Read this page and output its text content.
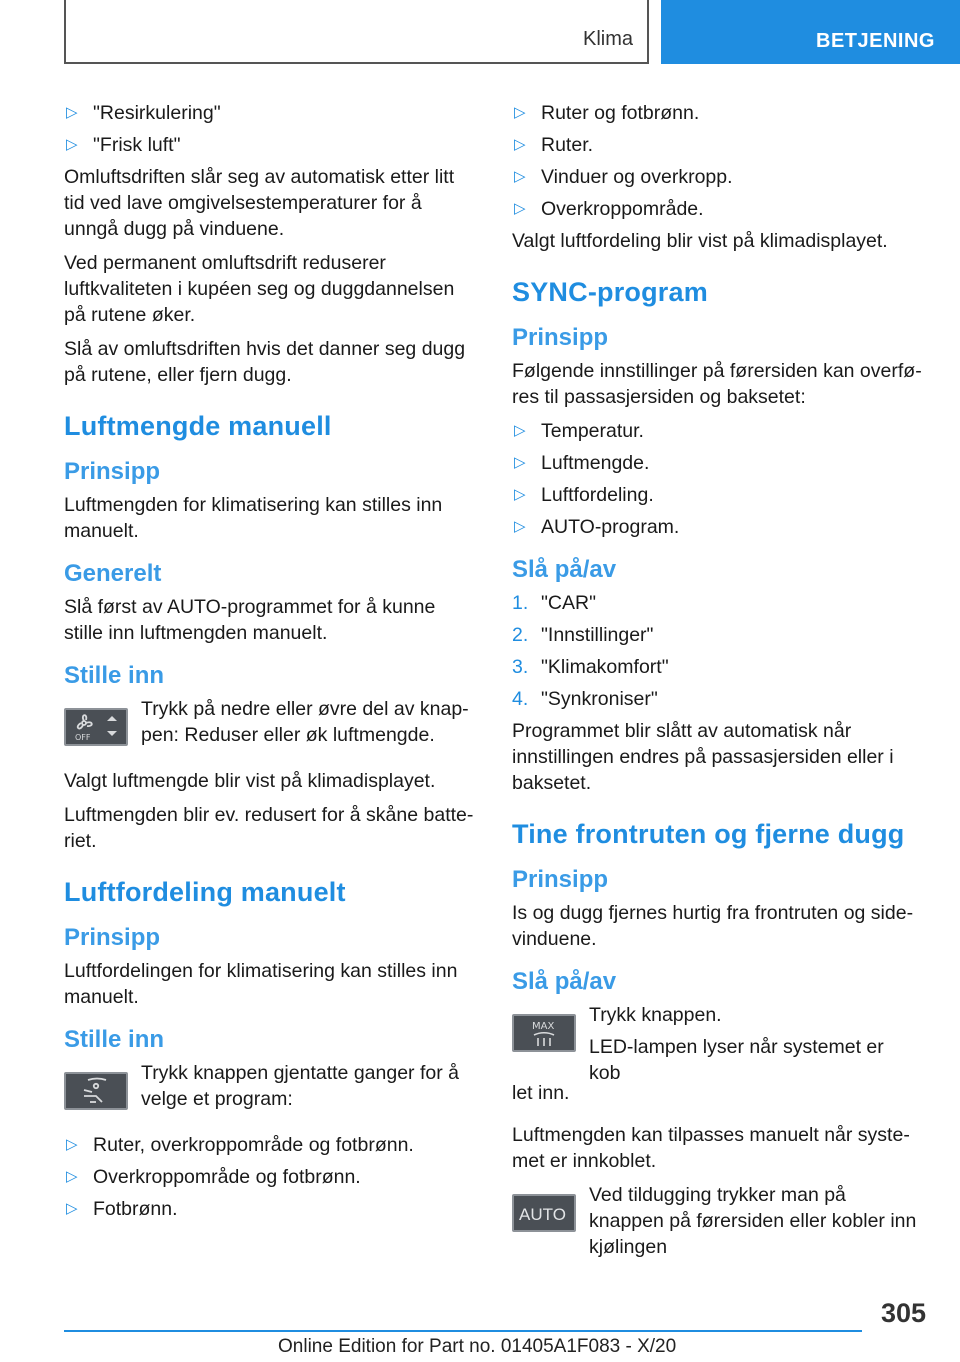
Klima	BETJENING
▷ "Resirkulering"
▷ "Frisk luft"

Omluftsdriften slår seg av automatisk etter litt tid ved lave omgivelsestemperaturer for å unngå dugg på vinduene.

Ved permanent omluftsdrift reduserer luftkvaliteten i kupéen seg og duggdannelsen på rutene øker.

Slå av omluftsdriften hvis det danner seg dugg på rutene, eller fjern dugg.

Luftmengde manuell
Prinsipp

Luftmengden for klimatisering kan stilles inn manuelt.

Generelt

Slå først av AUTO-programmet for å kunne stille inn luftmengden manuelt.

Stille inn
OFF

Trykk på nedre eller øvre del av knappen: Reduser eller øk luftmengde.

Valgt luftmengde blir vist på klimadisplayet.

Luftmengden blir ev. redusert for å skåne batteriet.

Luftfordeling manuelt
Prinsipp

Luftfordelingen for klimatisering kan stilles inn manuelt.

Stille inn

Trykk knappen gjentatte ganger for å velge et program:

▷ Ruter, overkroppområde og fotbrønn.
▷ Overkroppområde og fotbrønn.
▷ Fotbrønn.
▷ Ruter og fotbrønn.
▷ Ruter.
▷ Vinduer og overkropp.
▷ Overkroppområde.

Valgt luftfordeling blir vist på klimadisplayet.

SYNC-program
Prinsipp

Følgende innstillinger på førersiden kan overføres til passasjersiden og baksetet:

▷ Temperatur.
▷ Luftmengde.
▷ Luftfordeling.
▷ AUTO-program.
Slå på/av
1. "CAR"
2. "Innstillinger"
3. "Klimakomfort"
4. "Synkroniser"

Programmet blir slått av automatisk når innstillingen endres på passasjersiden eller i baksetet.

Tine frontruten og fjerne dugg
Prinsipp

Is og dugg fjernes hurtig fra frontruten og sidevinduene.

Slå på/av
MAX

Trykk knappen.

LED-lampen lyser når systemet er kob

let inn.

Luftmengden kan tilpasses manuelt når systemet er innkoblet.

AUTO

Ved tildugging trykker man på knappen på førersiden eller kobler inn kjølingen

305
Online Edition for Part no. 01405A1F083 - X/20
